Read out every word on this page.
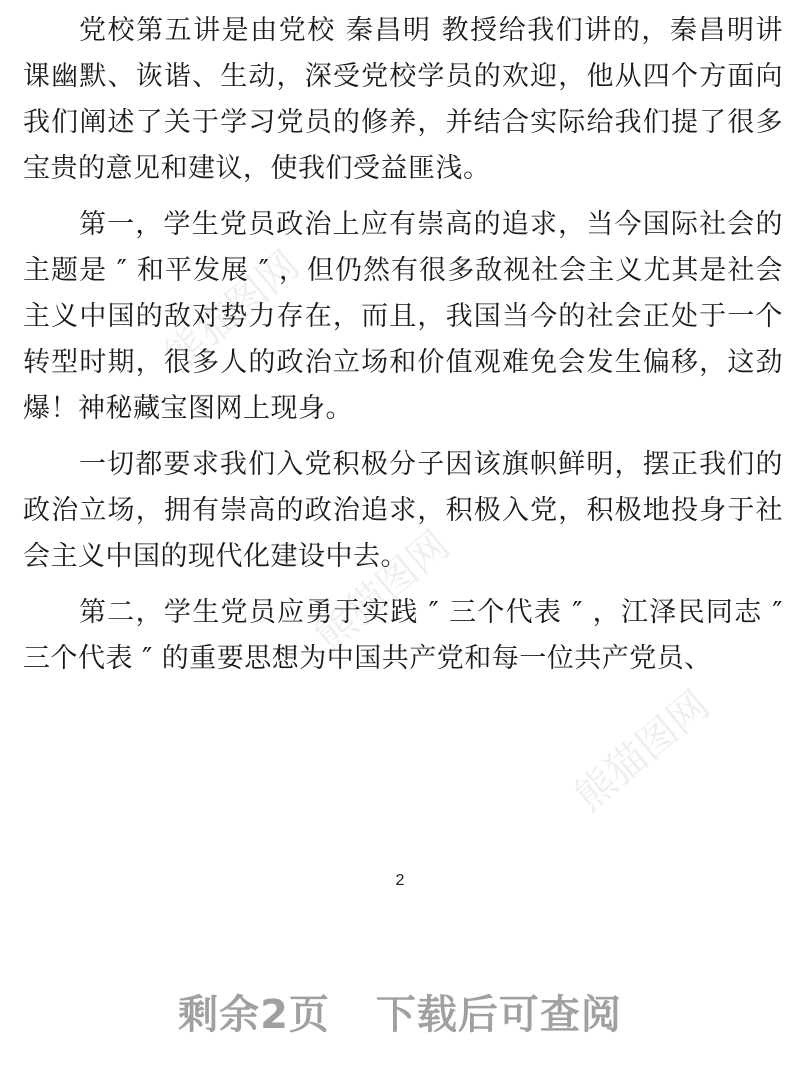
熊猫图网
熊猫图网
熊猫图网

党校第五讲是由党校 秦昌明 教授给我们讲的，秦昌明讲课幽默、诙谐、生动，深受党校学员的欢迎，他从四个方面向我们阐述了关于学习党员的修养，并结合实际给我们提了很多宝贵的意见和建议，使我们受益匪浅。

第一，学生党员政治上应有崇高的追求，当今国际社会的主题是 ″ 和平发展 ″ ，但仍然有很多敌视社会主义尤其是社会主义中国的敌对势力存在，而且，我国当今的社会正处于一个转型时期，很多人的政治立场和价值观难免会发生偏移，这劲爆！神秘藏宝图网上现身。

一切都要求我们入党积极分子因该旗帜鲜明，摆正我们的政治立场，拥有崇高的政治追求，积极入党，积极地投身于社会主义中国的现代化建设中去。

第二，学生党员应勇于实践 ″ 三个代表 ″ ，江泽民同志 ″ 三个代表 ″ 的重要思想为中国共产党和每一位共产党员、

2
剩余2页 下载后可查阅
